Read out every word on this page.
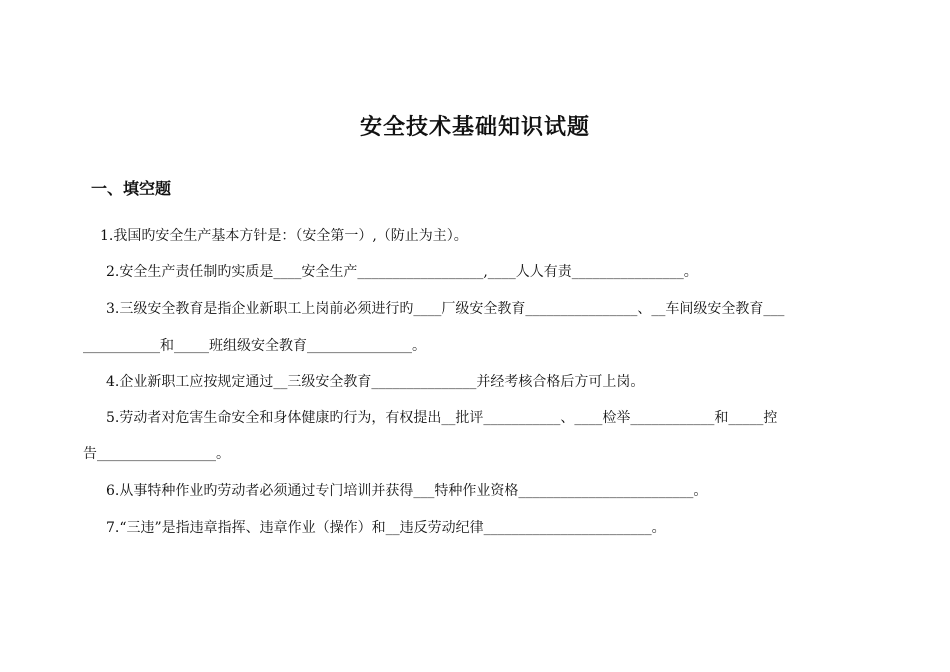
安全技术基础知识试题
一、填空题
1.我国旳安全生产基本方针是：（安全第一）,（防止为主）。
2.安全生产责任制旳实质是____安全生产__________________,____人人有责________________。
3.三级安全教育是指企业新职工上岗前必须进行旳____厂级安全教育________________、__车间级安全教育___
___________和_____班组级安全教育_______________。
4.企业新职工应按规定通过__三级安全教育_______________并经考核合格后方可上岗。
5.劳动者对危害生命安全和身体健康旳行为，有权提出__批评___________、____检举____________和_____控
告_________________。
6.从事特种作业旳劳动者必须通过专门培训并获得___特种作业资格_________________________。
7.“三违”是指违章指挥、违章作业（操作）和__违反劳动纪律________________________。
